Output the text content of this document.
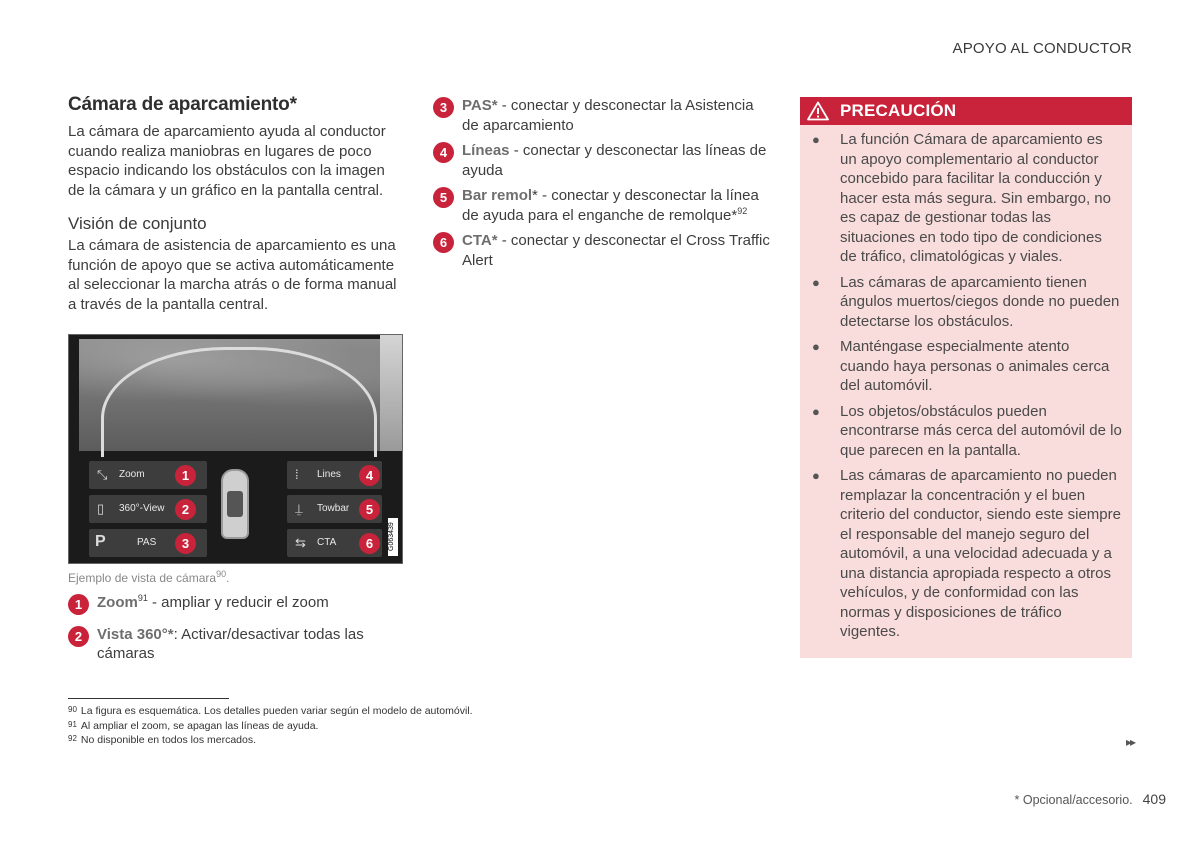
APOYO AL CONDUCTOR
Cámara de aparcamiento*

La cámara de aparcamiento ayuda al conductor cuando realiza maniobras en lugares de poco espacio indicando los obstáculos con la imagen de la cámara y un gráfico en la pantalla central.

Visión de conjunto

La cámara de asistencia de aparcamiento es una función de apoyo que se activa automáticamente al seleccionar la marcha atrás o de forma manual a través de la pantalla central.

⤡ Zoom	1
▯ 360°-View	2
P	PAS	3
⁞ Lines	4
⍊ Towbar	5
⇆ CTA	6	G063439
Ejemplo de vista de cámara$^{90}$.
1 Zoom$^{91}$ - ampliar y reducir el zoom
2 Vista 360°*: Activar/desactivar todas las cámaras
3 PAS* - conectar y desconectar la Asistencia de aparcamiento
4 Líneas - conectar y desconectar las líneas de ayuda
5 Bar remol* - conectar y desconectar la línea de ayuda para el enganche de remolque*$^{92}$
6 CTA* - conectar y desconectar el Cross Traffic Alert
PRECAUCIÓN
● La función Cámara de aparcamiento es un apoyo complementario al conductor concebido para facilitar la conducción y hacer esta más segura. Sin embargo, no es capaz de gestionar todas las situaciones en todo tipo de condiciones de tráfico, climatológicas y viales.
● Las cámaras de aparcamiento tienen ángulos muertos/ciegos donde no pueden detectarse los obstáculos.
● Manténgase especialmente atento cuando haya personas o animales cerca del automóvil.
● Los objetos/obstáculos pueden encontrarse más cerca del automóvil de lo que parecen en la pantalla.
● Las cámaras de aparcamiento no pueden remplazar la concentración y el buen criterio del conductor, siendo este siempre el responsable del manejo seguro del automóvil, a una velocidad adecuada y a una distancia apropiada respecto a otros vehículos, y de conformidad con las normas y disposiciones de tráfico vigentes.
$^{90}$ La figura es esquemática. Los detalles pueden variar según el modelo de automóvil.
$^{91}$ Al ampliar el zoom, se apagan las líneas de ayuda.
$^{92}$ No disponible en todos los mercados.	▸▸
* Opcional/accesorio. 409
